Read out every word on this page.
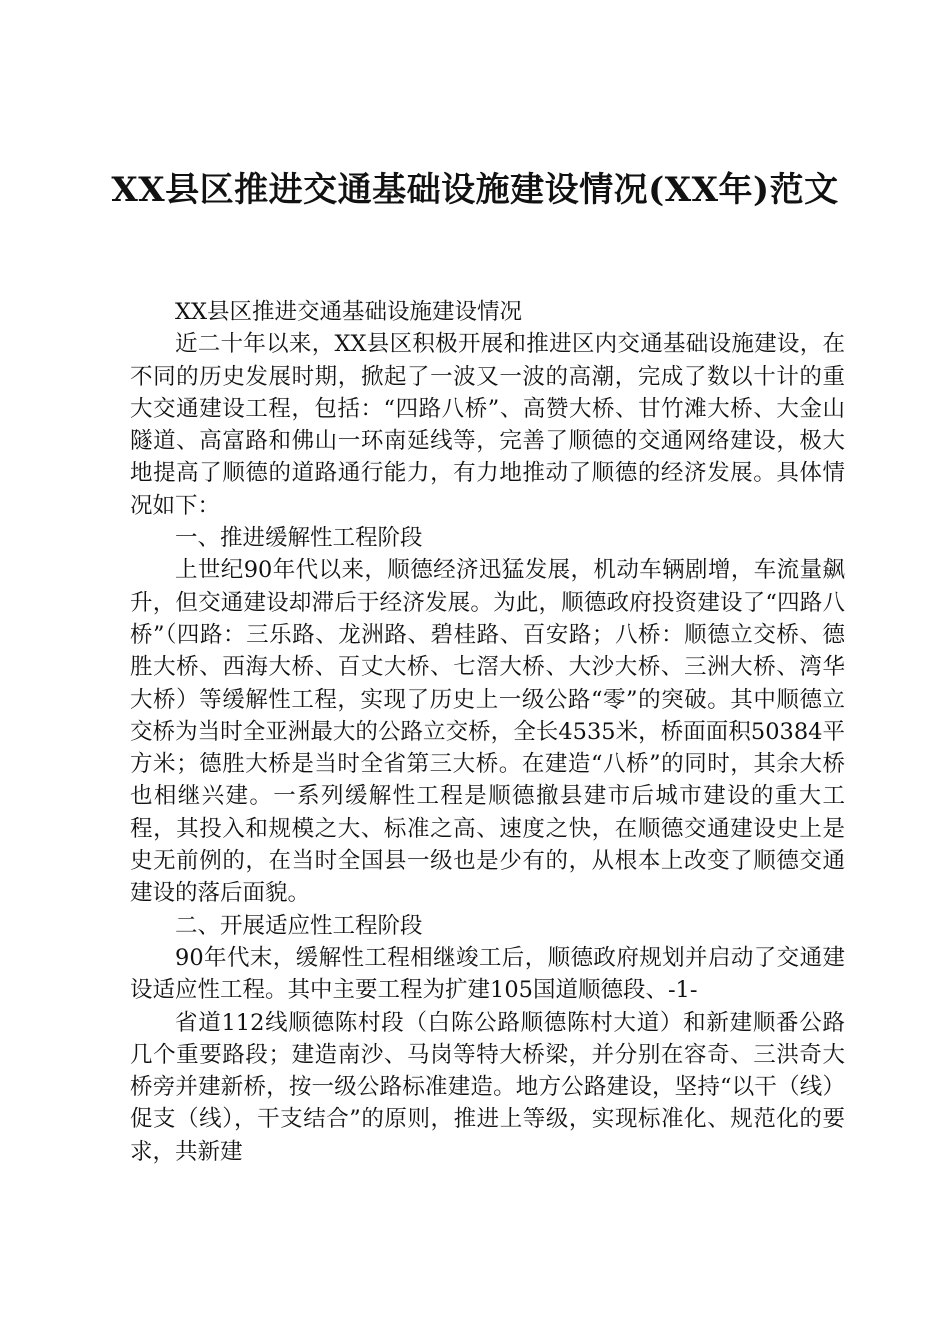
XX县区推进交通基础设施建设情况(XX年)范文

XX县区推进交通基础设施建设情况

近二十年以来，XX县区积极开展和推进区内交通基础设施建设，在不同的历史发展时期，掀起了一波又一波的高潮，完成了数以十计的重大交通建设工程，包括：“四路八桥”、高赞大桥、甘竹滩大桥、大金山隧道、高富路和佛山一环南延线等，完善了顺德的交通网络建设，极大地提高了顺德的道路通行能力，有力地推动了顺德的经济发展。具体情况如下：

一、推进缓解性工程阶段

上世纪90年代以来，顺德经济迅猛发展，机动车辆剧增，车流量飙升，但交通建设却滞后于经济发展。为此，顺德政府投资建设了“四路八桥”（四路：三乐路、龙洲路、碧桂路、百安路；八桥：顺德立交桥、德胜大桥、西海大桥、百丈大桥、七滘大桥、大沙大桥、三洲大桥、湾华大桥）等缓解性工程，实现了历史上一级公路“零”的突破。其中顺德立交桥为当时全亚洲最大的公路立交桥，全长4535米，桥面面积50384平方米；德胜大桥是当时全省第三大桥。在建造“八桥”的同时，其余大桥也相继兴建。一系列缓解性工程是顺德撤县建市后城市建设的重大工程，其投入和规模之大、标准之高、速度之快，在顺德交通建设史上是史无前例的，在当时全国县一级也是少有的，从根本上改变了顺德交通建设的落后面貌。

二、开展适应性工程阶段

90年代末，缓解性工程相继竣工后，顺德政府规划并启动了交通建设适应性工程。其中主要工程为扩建105国道顺德段、-1-

省道112线顺德陈村段（白陈公路顺德陈村大道）和新建顺番公路几个重要路段；建造南沙、马岗等特大桥梁，并分别在容奇、三洪奇大桥旁并建新桥，按一级公路标准建造。地方公路建设，坚持“以干（线）促支（线），干支结合”的原则，推进上等级，实现标准化、规范化的要求，共新建
